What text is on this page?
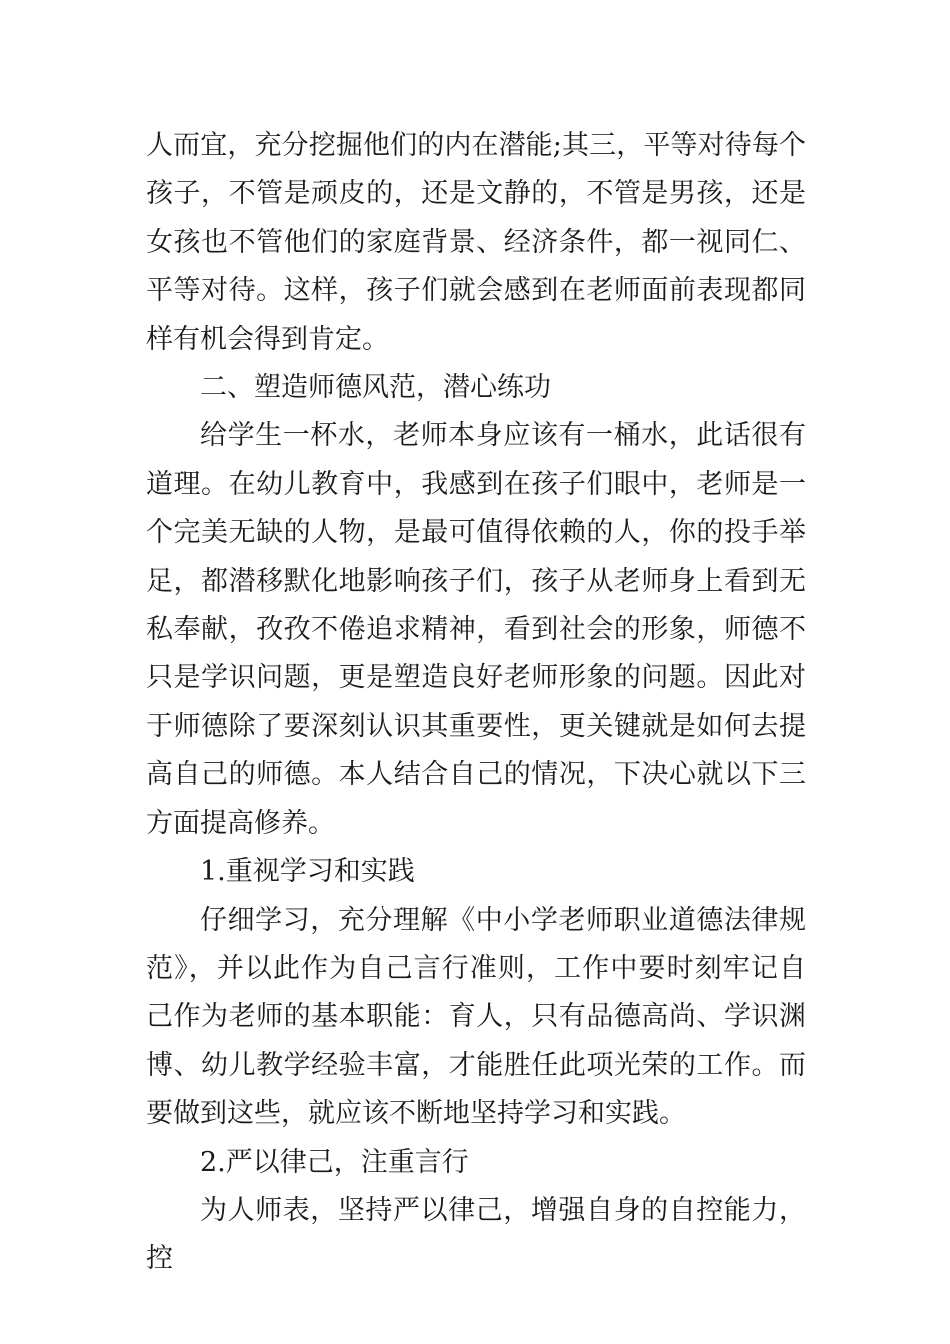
人而宜，充分挖掘他们的内在潜能;其三，平等对待每个孩子，不管是顽皮的，还是文静的，不管是男孩，还是女孩也不管他们的家庭背景、经济条件，都一视同仁、平等对待。这样，孩子们就会感到在老师面前表现都同样有机会得到肯定。

二、塑造师德风范，潜心练功

给学生一杯水，老师本身应该有一桶水，此话很有道理。在幼儿教育中，我感到在孩子们眼中，老师是一个完美无缺的人物，是最可值得依赖的人，你的投手举足，都潜移默化地影响孩子们，孩子从老师身上看到无私奉献，孜孜不倦追求精神，看到社会的形象，师德不只是学识问题，更是塑造良好老师形象的问题。因此对于师德除了要深刻认识其重要性，更关键就是如何去提高自己的师德。本人结合自己的情况，下决心就以下三方面提高修养。

1.重视学习和实践

仔细学习，充分理解《中小学老师职业道德法律规范》，并以此作为自己言行准则，工作中要时刻牢记自己作为老师的基本职能：育人，只有品德高尚、学识渊博、幼儿教学经验丰富，才能胜任此项光荣的工作。而要做到这些，就应该不断地坚持学习和实践。

2.严以律己，注重言行

为人师表，坚持严以律己，增强自身的自控能力，控
